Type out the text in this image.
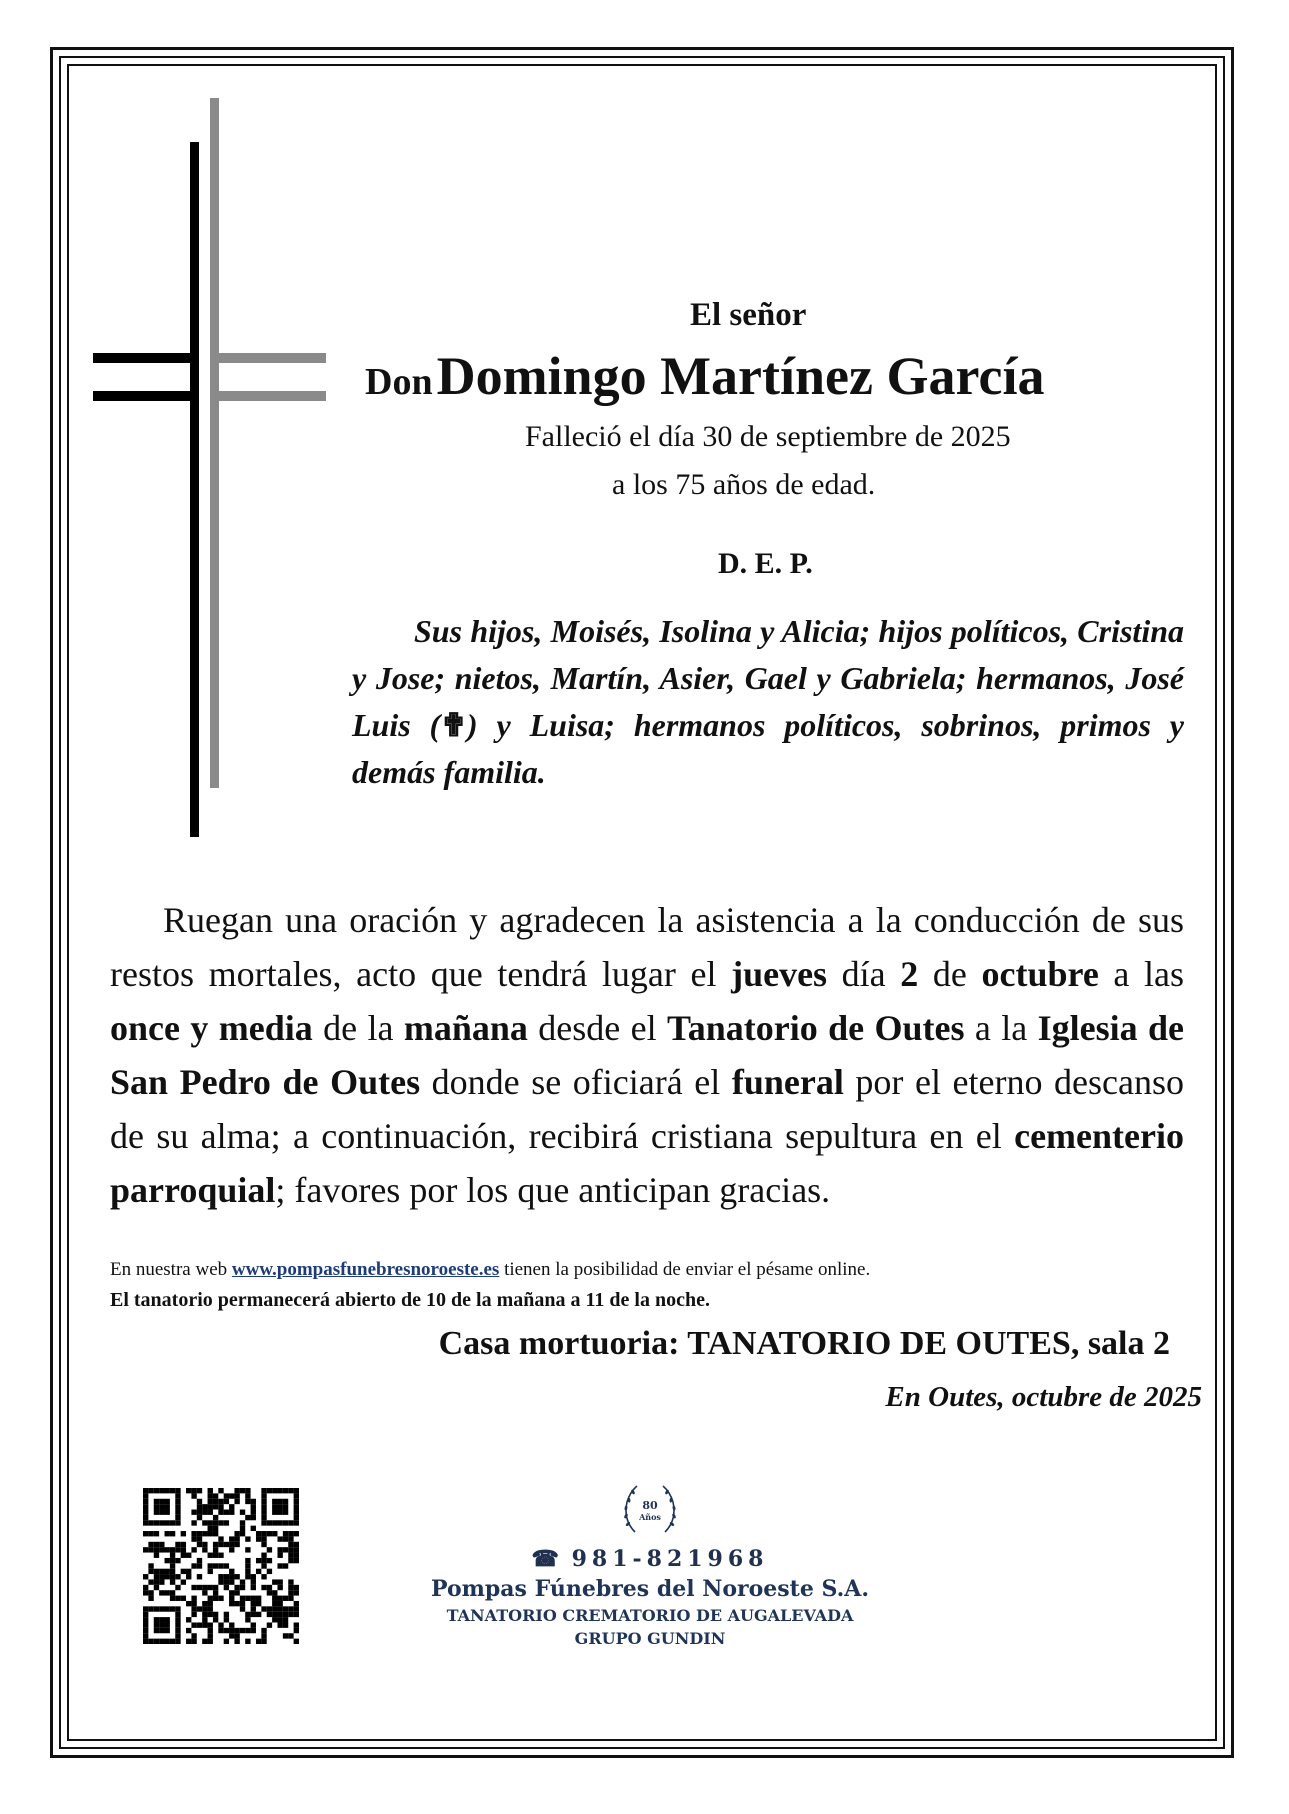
El señor
Don Domingo Martínez García
Falleció el día 30 de septiembre de 2025
a los 75 años de edad.
D. E. P.
Sus hijos, Moisés, Isolina y Alicia; hijos políticos, Cristina y Jose; nietos, Martín, Asier, Gael y Gabriela; hermanos, José Luis (✟) y Luisa; hermanos políticos, sobrinos, primos y demás familia.
Ruegan una oración y agradecen la asistencia a la conducción de sus restos mortales, acto que tendrá lugar el jueves día 2 de octubre a las once y media de la mañana desde el Tanatorio de Outes a la Iglesia de San Pedro de Outes donde se oficiará el funeral por el eterno descanso de su alma; a continuación, recibirá cristiana sepultura en el cementerio parroquial; favores por los que anticipan gracias.
En nuestra web www.pompasfunebresnoroeste.es tienen la posibilidad de enviar el pésame online.
El tanatorio permanecerá abierto de 10 de la mañana a 11 de la noche.
Casa mortuoria: TANATORIO DE OUTES, sala 2
En Outes, octubre de 2025
80
Años
☎ 981-821968
Pompas Fúnebres del Noroeste S.A.
TANATORIO CREMATORIO DE AUGALEVADA
GRUPO GUNDIN
